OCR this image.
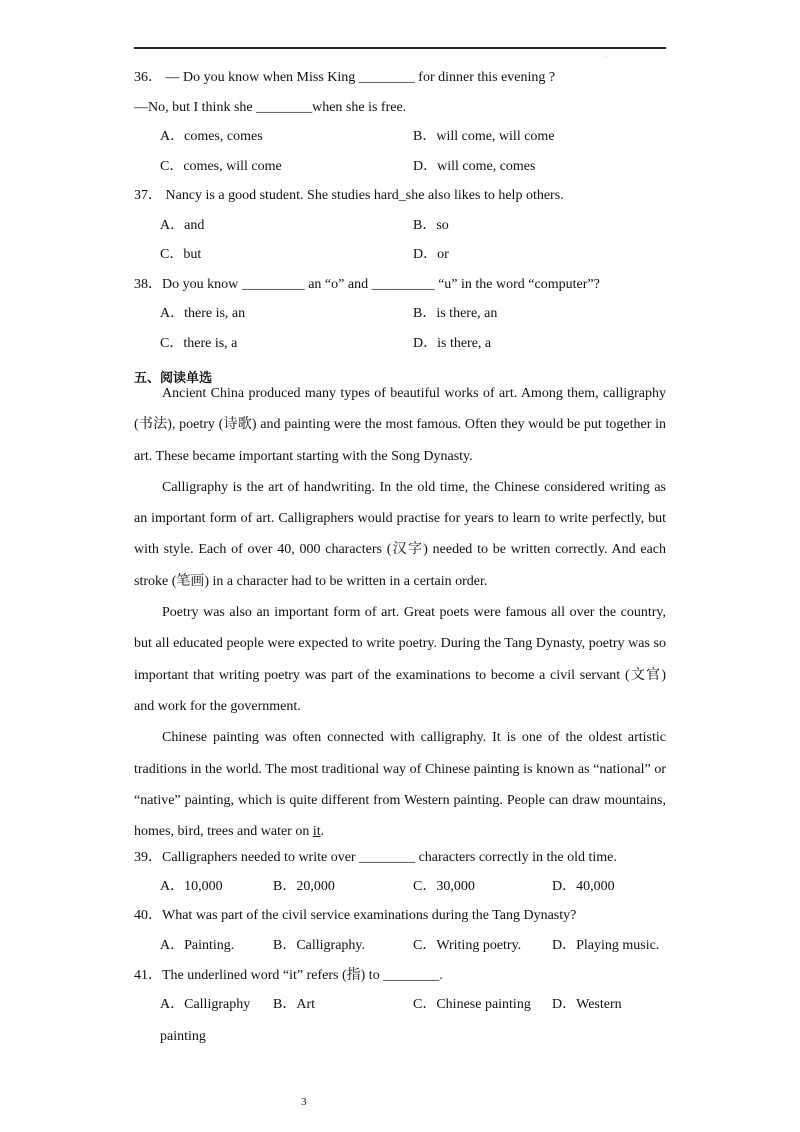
·
36． — Do you know when Miss King ________ for dinner this evening ?
—No, but I think she ________when she is free.
A．comes, comes	B．will come, will come
C．comes, will come	D．will come, comes
37． Nancy is a good student. She studies hard_she also likes to help others.
A．and	B．so
C．but	D．or
38．Do you know _________ an “o” and _________ “u” in the word “computer”?
A．there is, an	B．is there, an
C．there is, a	D．is there, a
五、阅读单选

Ancient China produced many types of beautiful works of art. Among them, calligraphy (书法), poetry (诗歌) and painting were the most famous. Often they would be put together in art. These became important starting with the Song Dynasty.

Calligraphy is the art of handwriting. In the old time, the Chinese considered writing as an important form of art. Calligraphers would practise for years to learn to write perfectly, but with style. Each of over 40, 000 characters (汉字) needed to be written correctly. And each stroke (笔画) in a character had to be written in a certain order.

Poetry was also an important form of art. Great poets were famous all over the country, but all educated people were expected to write poetry. During the Tang Dynasty, poetry was so important that writing poetry was part of the examinations to become a civil servant (文官) and work for the government.

Chinese painting was often connected with calligraphy. It is one of the oldest artistic traditions in the world. The most traditional way of Chinese painting is known as “national” or “native” painting, which is quite different from Western painting. People can draw mountains, homes, bird, trees and water on it.

39．Calligraphers needed to write over ________ characters correctly in the old time.
A．10,000	B．20,000	C．30,000	D．40,000
40．What was part of the civil service examinations during the Tang Dynasty?
A．Painting.	B．Calligraphy.	C．Writing poetry. D．Playing music.
41．The underlined word “it” refers (指) to ________.
A．Calligraphy B．Art	C．Chinese painting D．Western
painting
3
